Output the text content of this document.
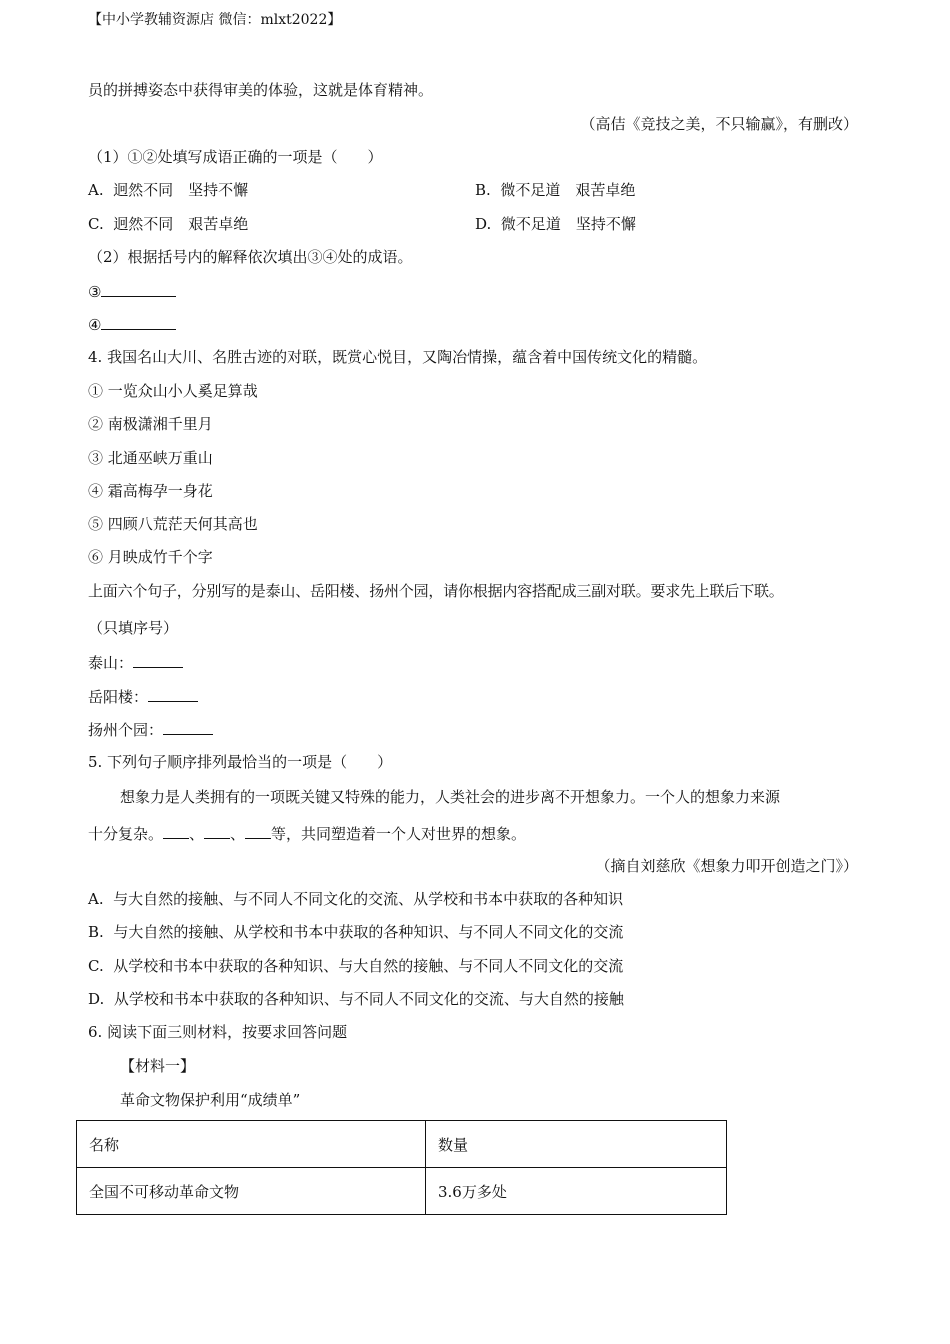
【中小学教辅资源店 微信：mlxt2022】
员的拼搏姿态中获得审美的体验，这就是体育精神。
（高佶《竞技之美，不只输赢》，有删改）
（1）①②处填写成语正确的一项是（　　）
A. 迥然不同　坚持不懈	B. 微不足道　艰苦卓绝
C. 迥然不同　艰苦卓绝	D. 微不足道　坚持不懈
（2）根据括号内的解释依次填出③④处的成语。
③
④
4. 我国名山大川、名胜古迹的对联，既赏心悦目，又陶冶情操，蕴含着中国传统文化的精髓。
① 一览众山小人奚足算哉
② 南极潇湘千里月
③ 北通巫峡万重山
④ 霜高梅孕一身花
⑤ 四顾八荒茫天何其高也
⑥ 月映成竹千个字
上面六个句子，分别写的是泰山、岳阳楼、扬州个园，请你根据内容搭配成三副对联。要求先上联后下联。
（只填序号）
泰山：
岳阳楼：
扬州个园：
5. 下列句子顺序排列最恰当的一项是（　　）
想象力是人类拥有的一项既关键又特殊的能力，人类社会的进步离不开想象力。一个人的想象力来源
十分复杂。 、 、 等，共同塑造着一个人对世界的想象。
（摘自刘慈欣《想象力叩开创造之门》）
A. 与大自然的接触、与不同人不同文化的交流、从学校和书本中获取的各种知识
B. 与大自然的接触、从学校和书本中获取的各种知识、与不同人不同文化的交流
C. 从学校和书本中获取的各种知识、与大自然的接触、与不同人不同文化的交流
D. 从学校和书本中获取的各种知识、与不同人不同文化的交流、与大自然的接触
6. 阅读下面三则材料，按要求回答问题
【材料一】
革命文物保护利用“成绩单”
名称	数量
全国不可移动革命文物	3.6万多处
